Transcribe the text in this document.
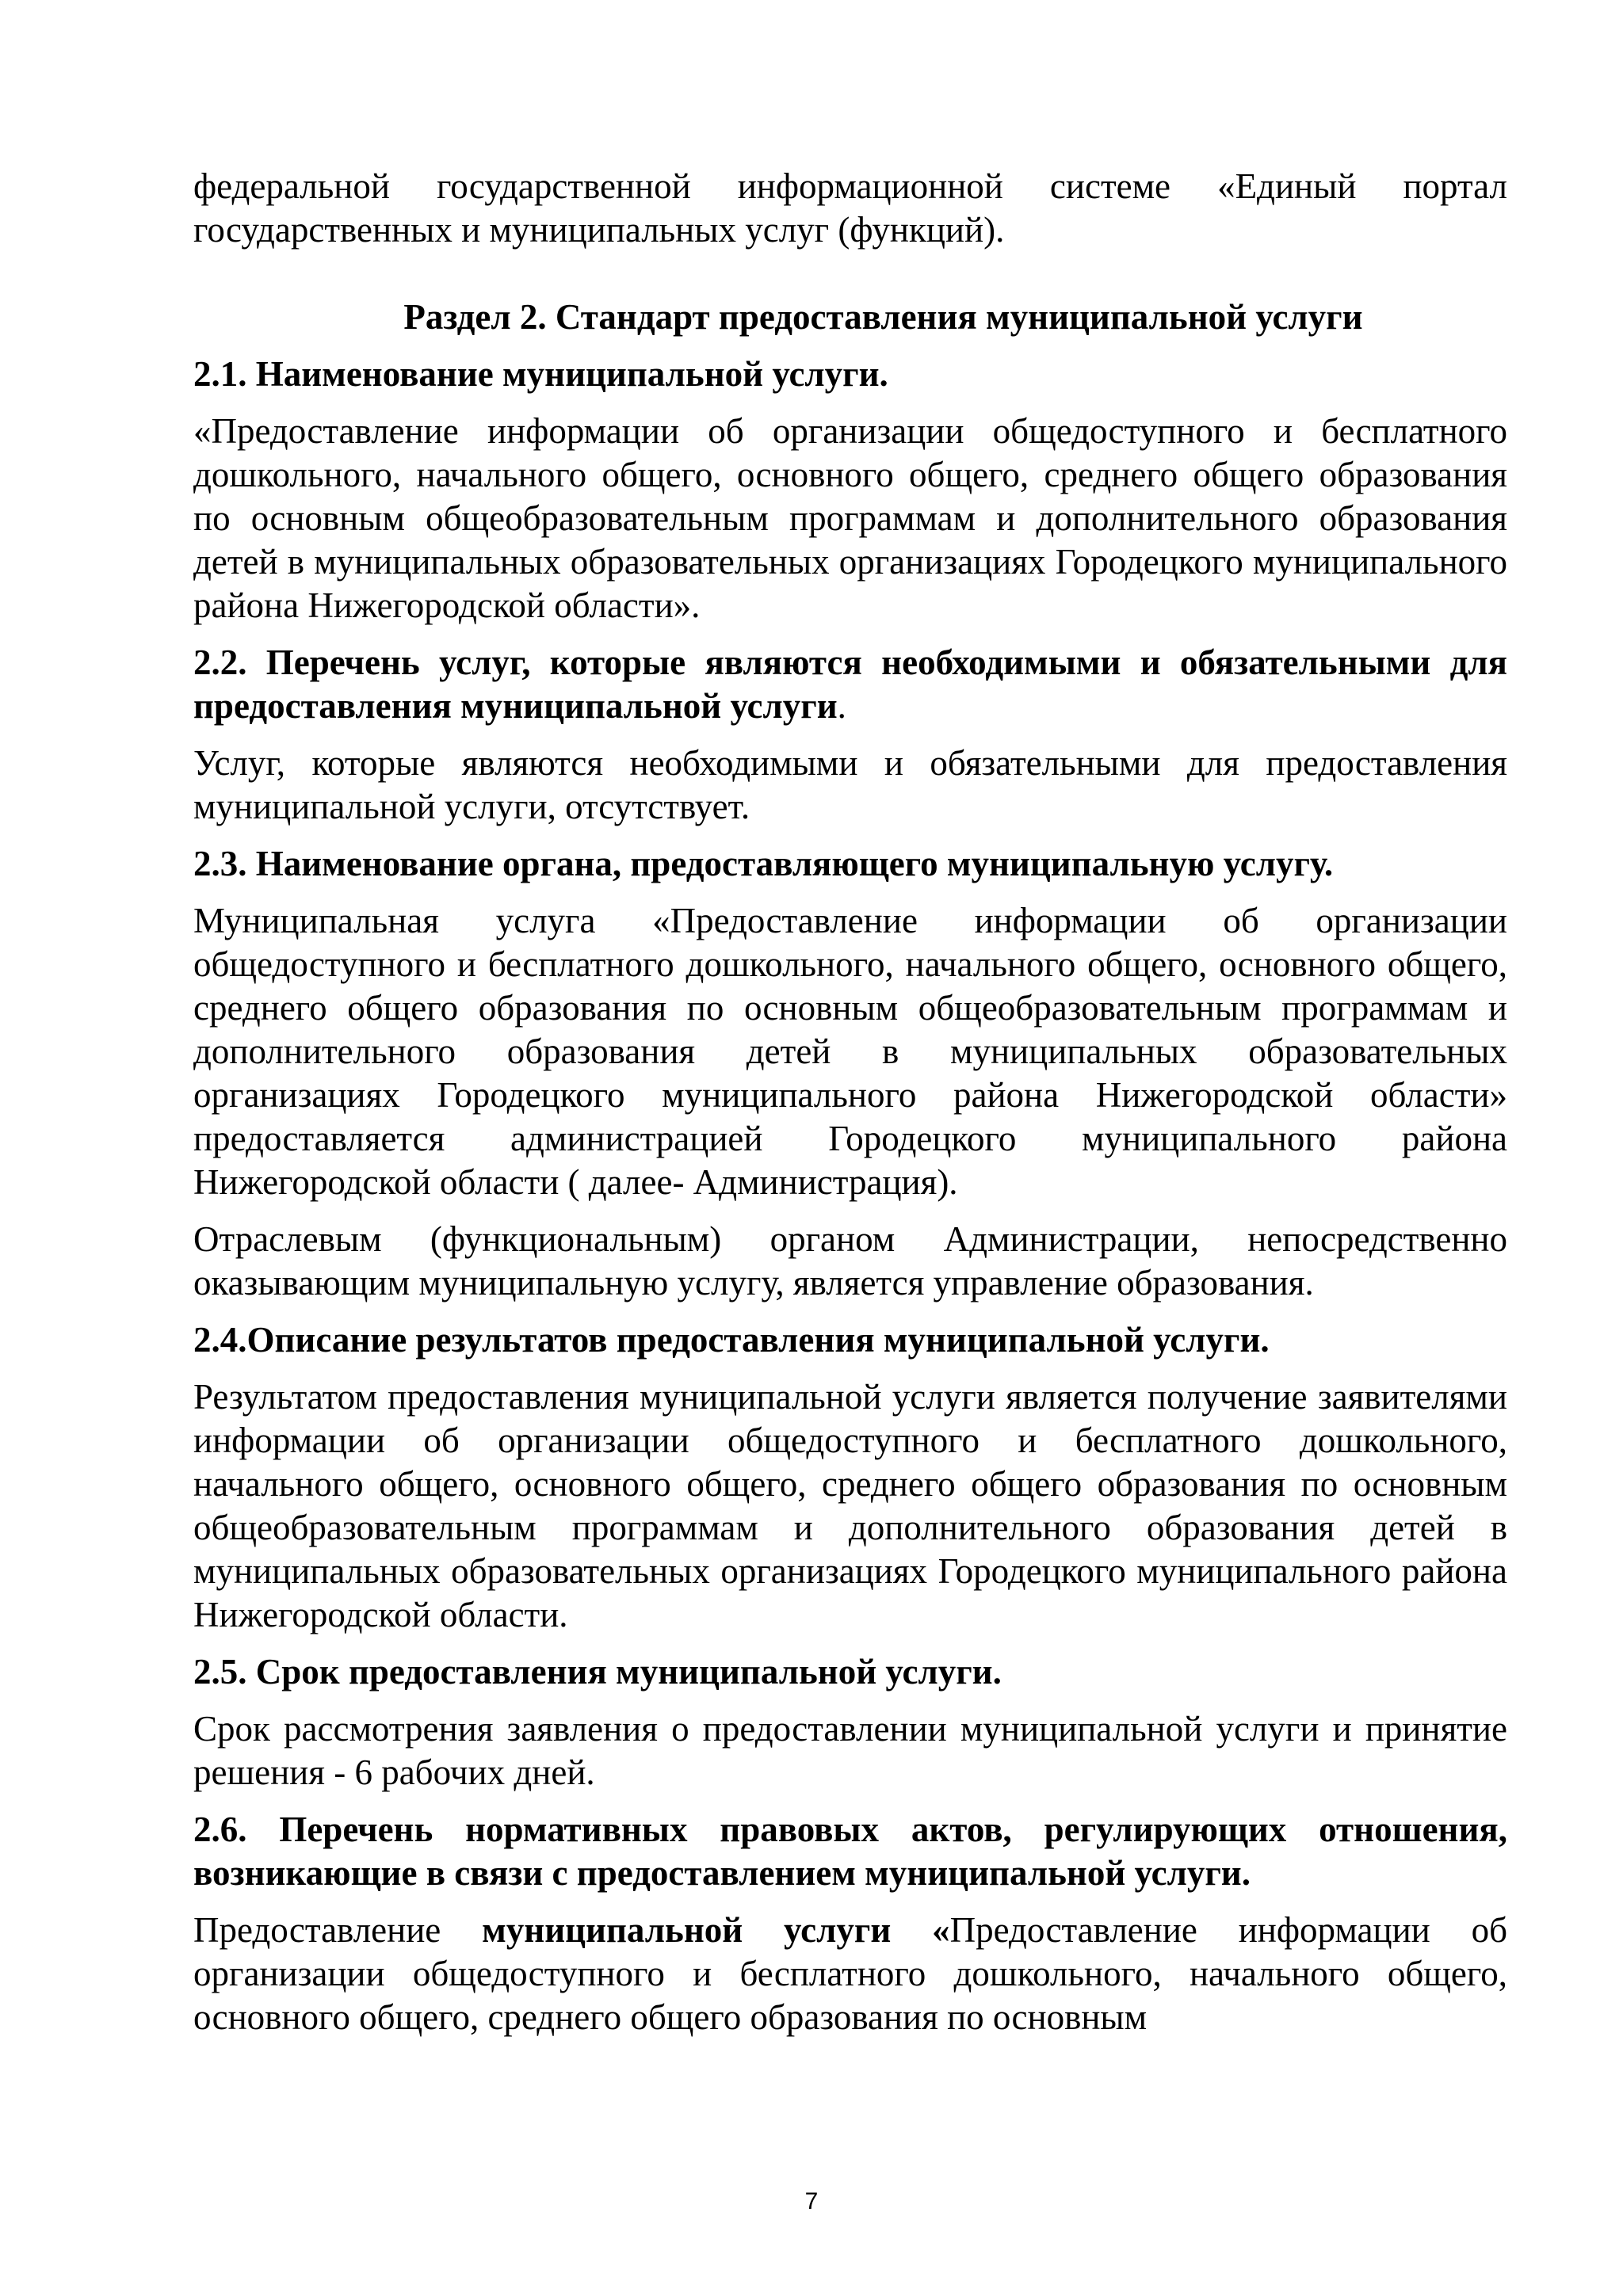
федеральной государственной информационной системе «Единый портал государственных и муниципальных услуг (функций).

Раздел 2. Стандарт предоставления муниципальной услуги

2.1. Наименование муниципальной услуги.

«Предоставление информации об организации общедоступного и бесплатного дошкольного, начального общего, основного общего, среднего общего образования по основным общеобразовательным программам и дополнительного образования детей в муниципальных образовательных организациях Городецкого муниципального района Нижегородской области».

2.2. Перечень услуг, которые являются необходимыми и обязательными для предоставления муниципальной услуги.

Услуг, которые являются необходимыми и обязательными для предоставления муниципальной услуги, отсутствует.

2.3. Наименование органа, предоставляющего муниципальную услугу.

Муниципальная услуга «Предоставление информации об организации общедоступного и бесплатного дошкольного, начального общего, основного общего, среднего общего образования по основным общеобразовательным программам и дополнительного образования детей в муниципальных образовательных организациях Городецкого муниципального района Нижегородской области» предоставляется администрацией Городецкого муниципального района Нижегородской области ( далее- Администрация).

Отраслевым (функциональным) органом Администрации, непосредственно оказывающим муниципальную услугу, является управление образования.

2.4.Описание результатов предоставления муниципальной услуги.

Результатом предоставления муниципальной услуги является получение заявителями информации об организации общедоступного и бесплатного дошкольного, начального общего, основного общего, среднего общего образования по основным общеобразовательным программам и дополнительного образования детей в муниципальных образовательных организациях Городецкого муниципального района Нижегородской области.

2.5. Срок предоставления муниципальной услуги.

Срок рассмотрения заявления о предоставлении муниципальной услуги и принятие решения - 6 рабочих дней.

2.6. Перечень нормативных правовых актов, регулирующих отношения, возникающие в связи с предоставлением муниципальной услуги.

Предоставление муниципальной услуги «Предоставление информации об организации общедоступного и бесплатного дошкольного, начального общего, основного общего, среднего общего образования по основным

7
